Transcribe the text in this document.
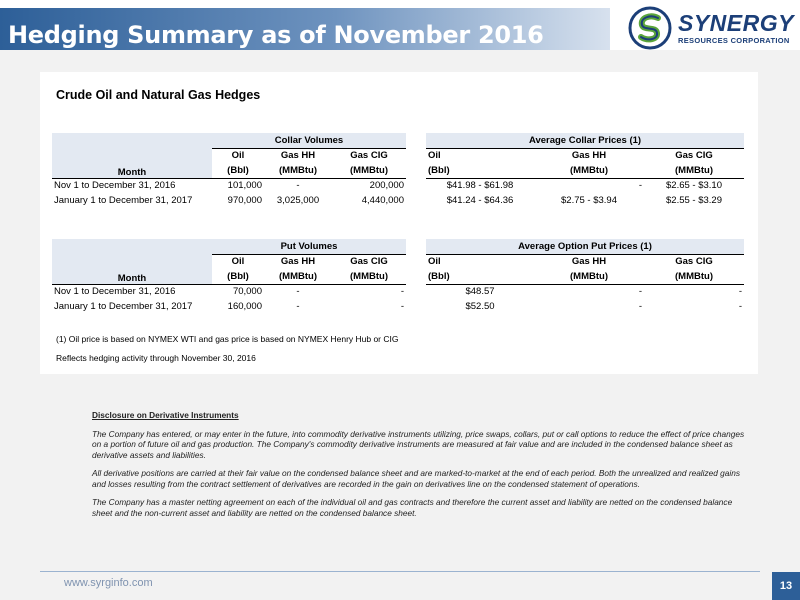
Hedging Summary as of November 2016	SYNERGY
RESOURCES CORPORATION
Crude Oil and Natural Gas Hedges
Month	Collar Volumes				Average Collar Prices (1)		
	Oil	Gas HH	Gas CIG		Oil	Gas HH	Gas CIG
	(Bbl)	(MMBtu)	(MMBtu)		(Bbl)	(MMBtu)	(MMBtu)
Nov 1 to December 31, 2016	101,000	-	200,000		$41.98 - $61.98	-	$2.65 - $3.10
January 1 to December 31, 2017	970,000	3,025,000	4,440,000		$41.24 - $64.36	$2.75 - $3.94	$2.55 - $3.29
Month	Put Volumes				Average Option Put Prices (1)		
	Oil	Gas HH	Gas CIG		Oil	Gas HH	Gas CIG
	(Bbl)	(MMBtu)	(MMBtu)		(Bbl)	(MMBtu)	(MMBtu)
Nov 1 to December 31, 2016	70,000	-	-		$48.57	-	-
January 1 to December 31, 2017	160,000	-	-		$52.50	-	-
(1) Oil price is based on NYMEX WTI and gas price is based on NYMEX Henry Hub or CIG
Reflects hedging activity through November 30, 2016
Disclosure on Derivative Instruments
The Company has entered, or may enter in the future, into commodity derivative instruments utilizing, price swaps, collars, put or call options to reduce the effect of price changes on a portion of future oil and gas production. The Company's commodity derivative instruments are measured at fair value and are included in the condensed balance sheet as derivative assets and liabilities.
All derivative positions are carried at their fair value on the condensed balance sheet and are marked-to-market at the end of each period. Both the unrealized and realized gains and losses resulting from the contract settlement of derivatives are recorded in the gain on derivatives line on the condensed statement of operations.
The Company has a master netting agreement on each of the individual oil and gas contracts and therefore the current asset and liability are netted on the condensed balance sheet and the non-current asset and liability are netted on the condensed balance sheet.
www.syrginfo.com	13
